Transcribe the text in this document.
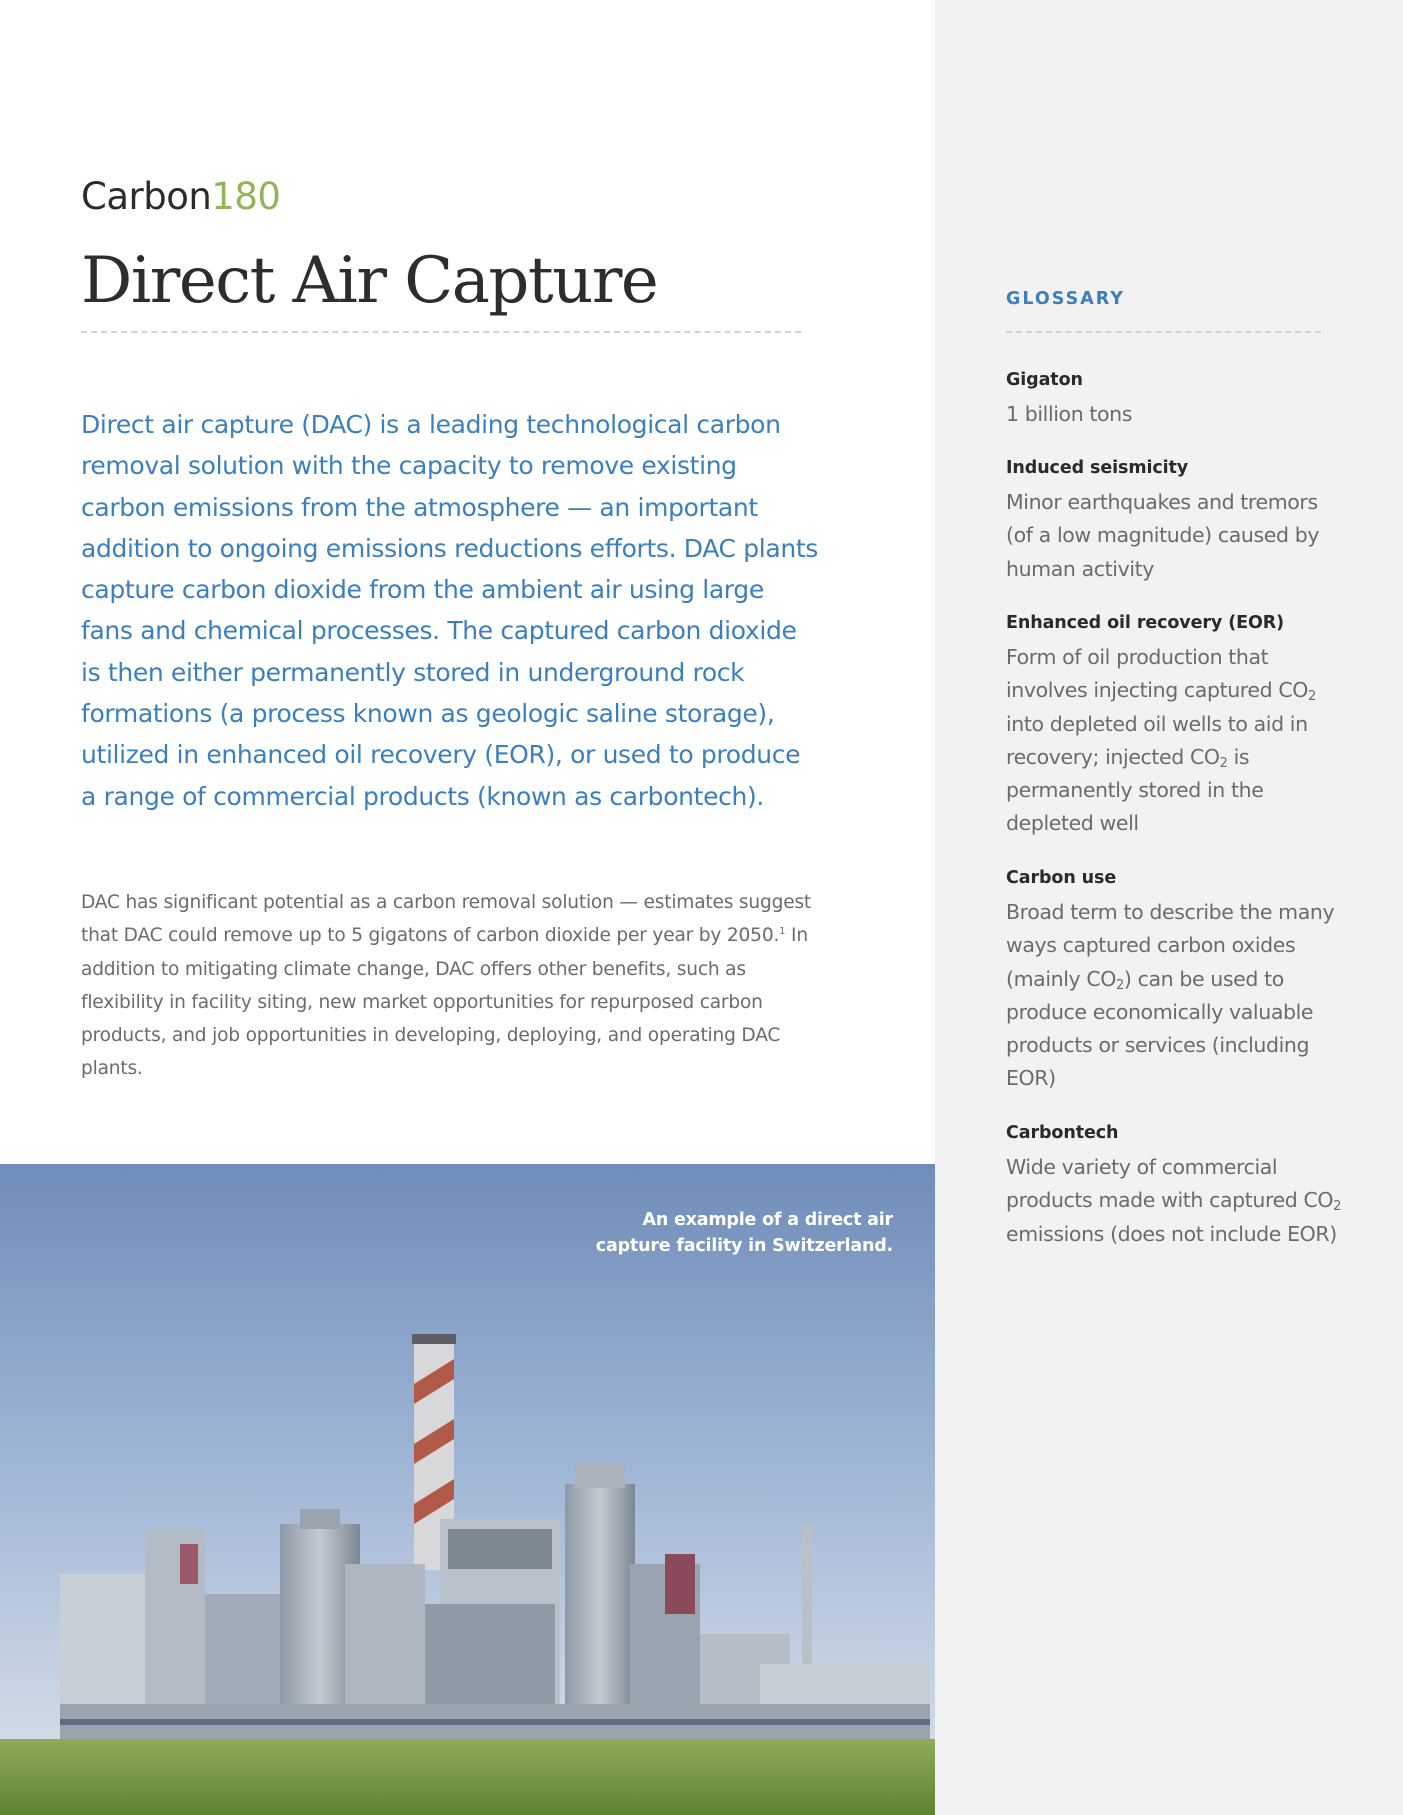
Carbon180
Direct Air Capture

Direct air capture (DAC) is a leading technological carbon removal solution with the capacity to remove existing carbon emissions from the atmosphere — an important addition to ongoing emissions reductions efforts. DAC plants capture carbon dioxide from the ambient air using large fans and chemical processes. The captured carbon dioxide is then either permanently stored in underground rock formations (a process known as geologic saline storage), utilized in enhanced oil recovery (EOR), or used to produce a range of commercial products (known as carbontech).

DAC has significant potential as a carbon removal solution — estimates suggest that DAC could remove up to 5 gigatons of carbon dioxide per year by 2050.$^1$ In addition to mitigating climate change, DAC offers other benefits, such as flexibility in facility siting, new market opportunities for repurposed carbon products, and job opportunities in developing, deploying, and operating DAC plants.

An example of a direct air
capture facility in Switzerland.

GLOSSARY

Gigaton

1 billion tons

Induced seismicity

Minor earthquakes and tremors (of a low magnitude) caused by human activity

Enhanced oil recovery (EOR)

Form of oil production that involves injecting captured $CO_2$ into depleted oil wells to aid in recovery; injected $CO_2$ is permanently stored in the depleted well

Carbon use

Broad term to describe the many ways captured carbon oxides (mainly $CO_2$) can be used to produce economically valuable products or services (including EOR)

Carbontech

Wide variety of commercial products made with captured $CO_2$ emissions (does not include EOR)
